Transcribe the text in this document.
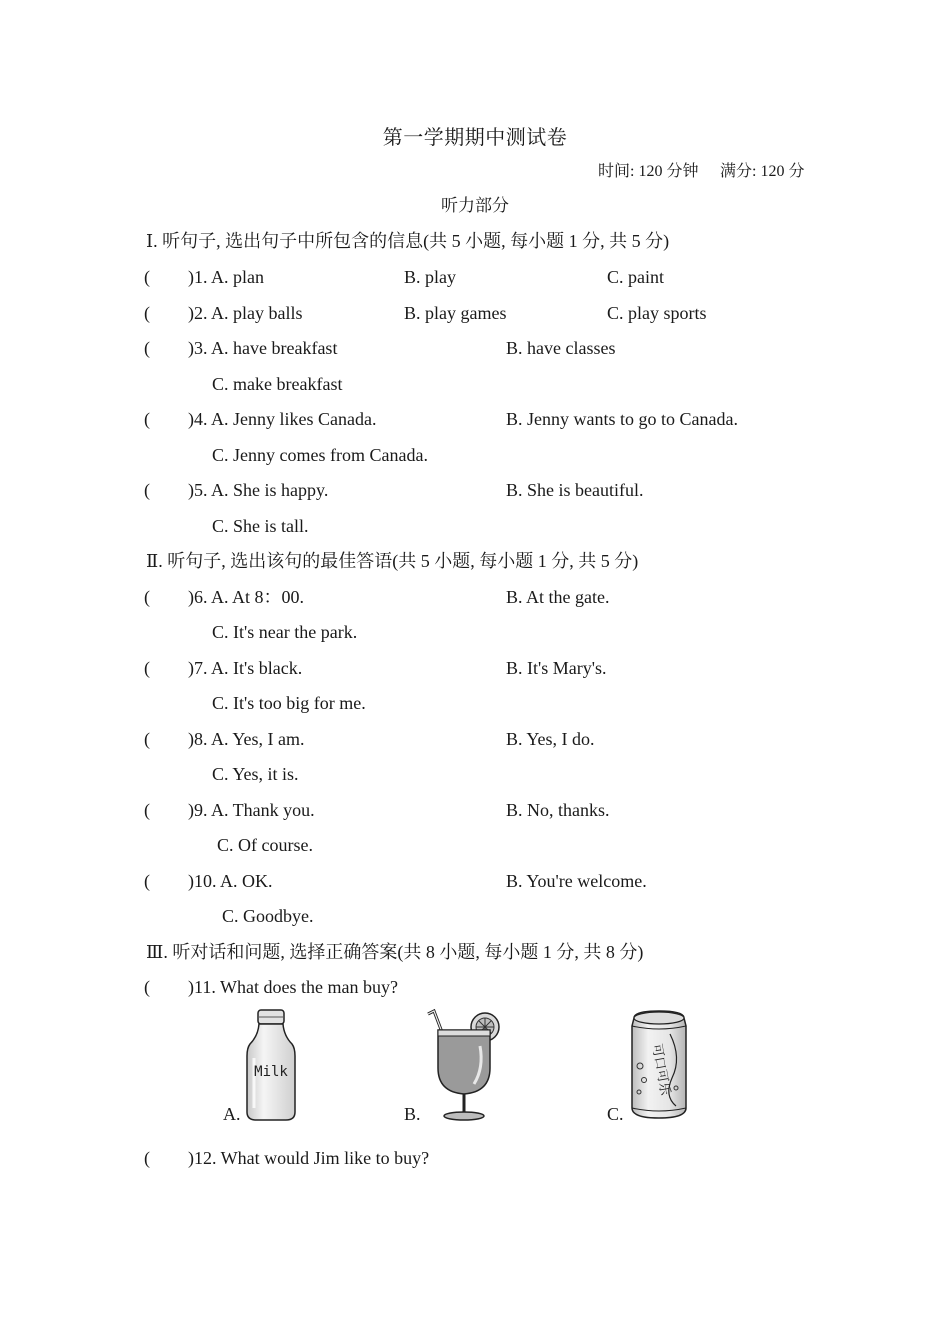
第一学期期中测试卷
时间: 120 分钟 满分: 120 分
听力部分
Ⅰ. 听句子, 选出句子中所包含的信息(共 5 小题, 每小题 1 分, 共 5 分)
( )1. A. plan	B. play	C. paint
( )2. A. play balls	B. play games	C. play sports
( )3. A. have breakfast	B. have classes
C. make breakfast
( )4. A. Jenny likes Canada.	B. Jenny wants to go to Canada.
C. Jenny comes from Canada.
( )5. A. She is happy.	B. She is beautiful.
C. She is tall.
Ⅱ. 听句子, 选出该句的最佳答语(共 5 小题, 每小题 1 分, 共 5 分)
( )6. A. At 8：00.	B. At the gate.
C. It's near the park.
( )7. A. It's black.	B. It's Mary's.
C. It's too big for me.
( )8. A. Yes, I am.	B. Yes, I do.
C. Yes, it is.
( )9. A. Thank you.	B. No, thanks.
C. Of course.
( )10. A. OK.	B. You're welcome.
C. Goodbye.
Ⅲ. 听对话和问题, 选择正确答案(共 8 小题, 每小题 1 分, 共 8 分)
( )11. What does the man buy?
A.	B.	C.
Milk	可口可乐
( )12. What would Jim like to buy?
